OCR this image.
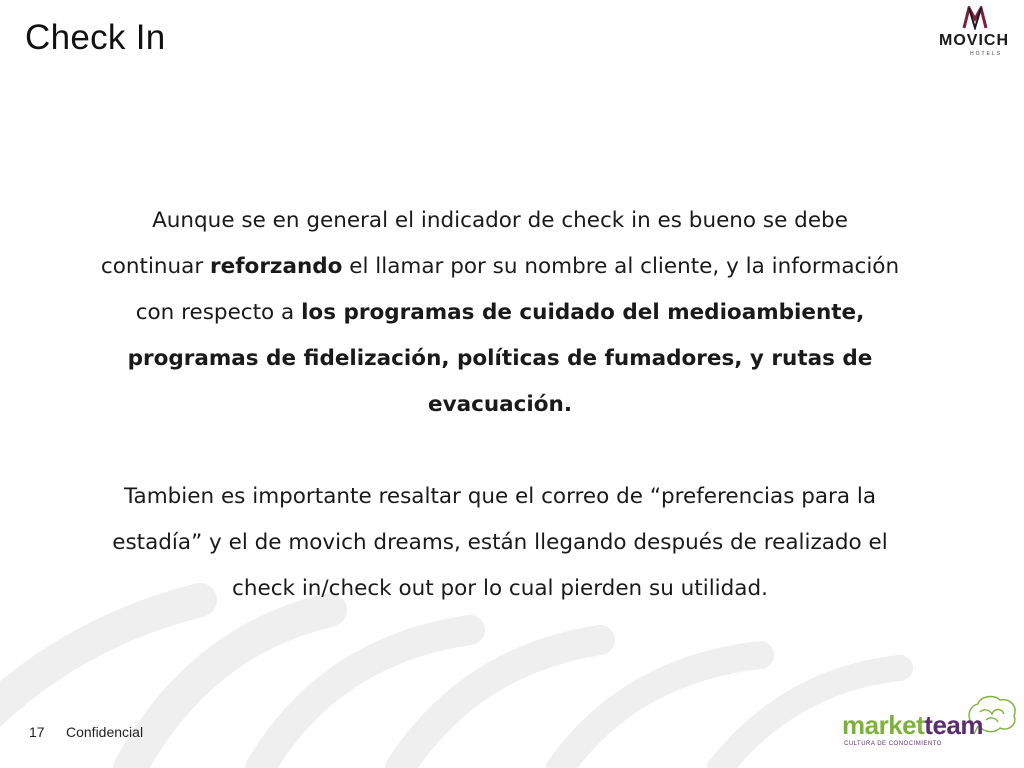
Check In	MOVICH
HOTELS

Aunque se en general el indicador de check in es bueno se debe continuar reforzando el llamar por su nombre al cliente, y la información con respecto a los programas de cuidado del medioambiente, programas de fidelización, políticas de fumadores, y rutas de evacuación.

Tambien es importante resaltar que el correo de “preferencias para la estadía” y el de movich dreams, están llegando después de realizado el check in/check out por lo cual pierden su utilidad.

17 Confidencial	marketteam
CULTURA DE CONOCIMIENTO
